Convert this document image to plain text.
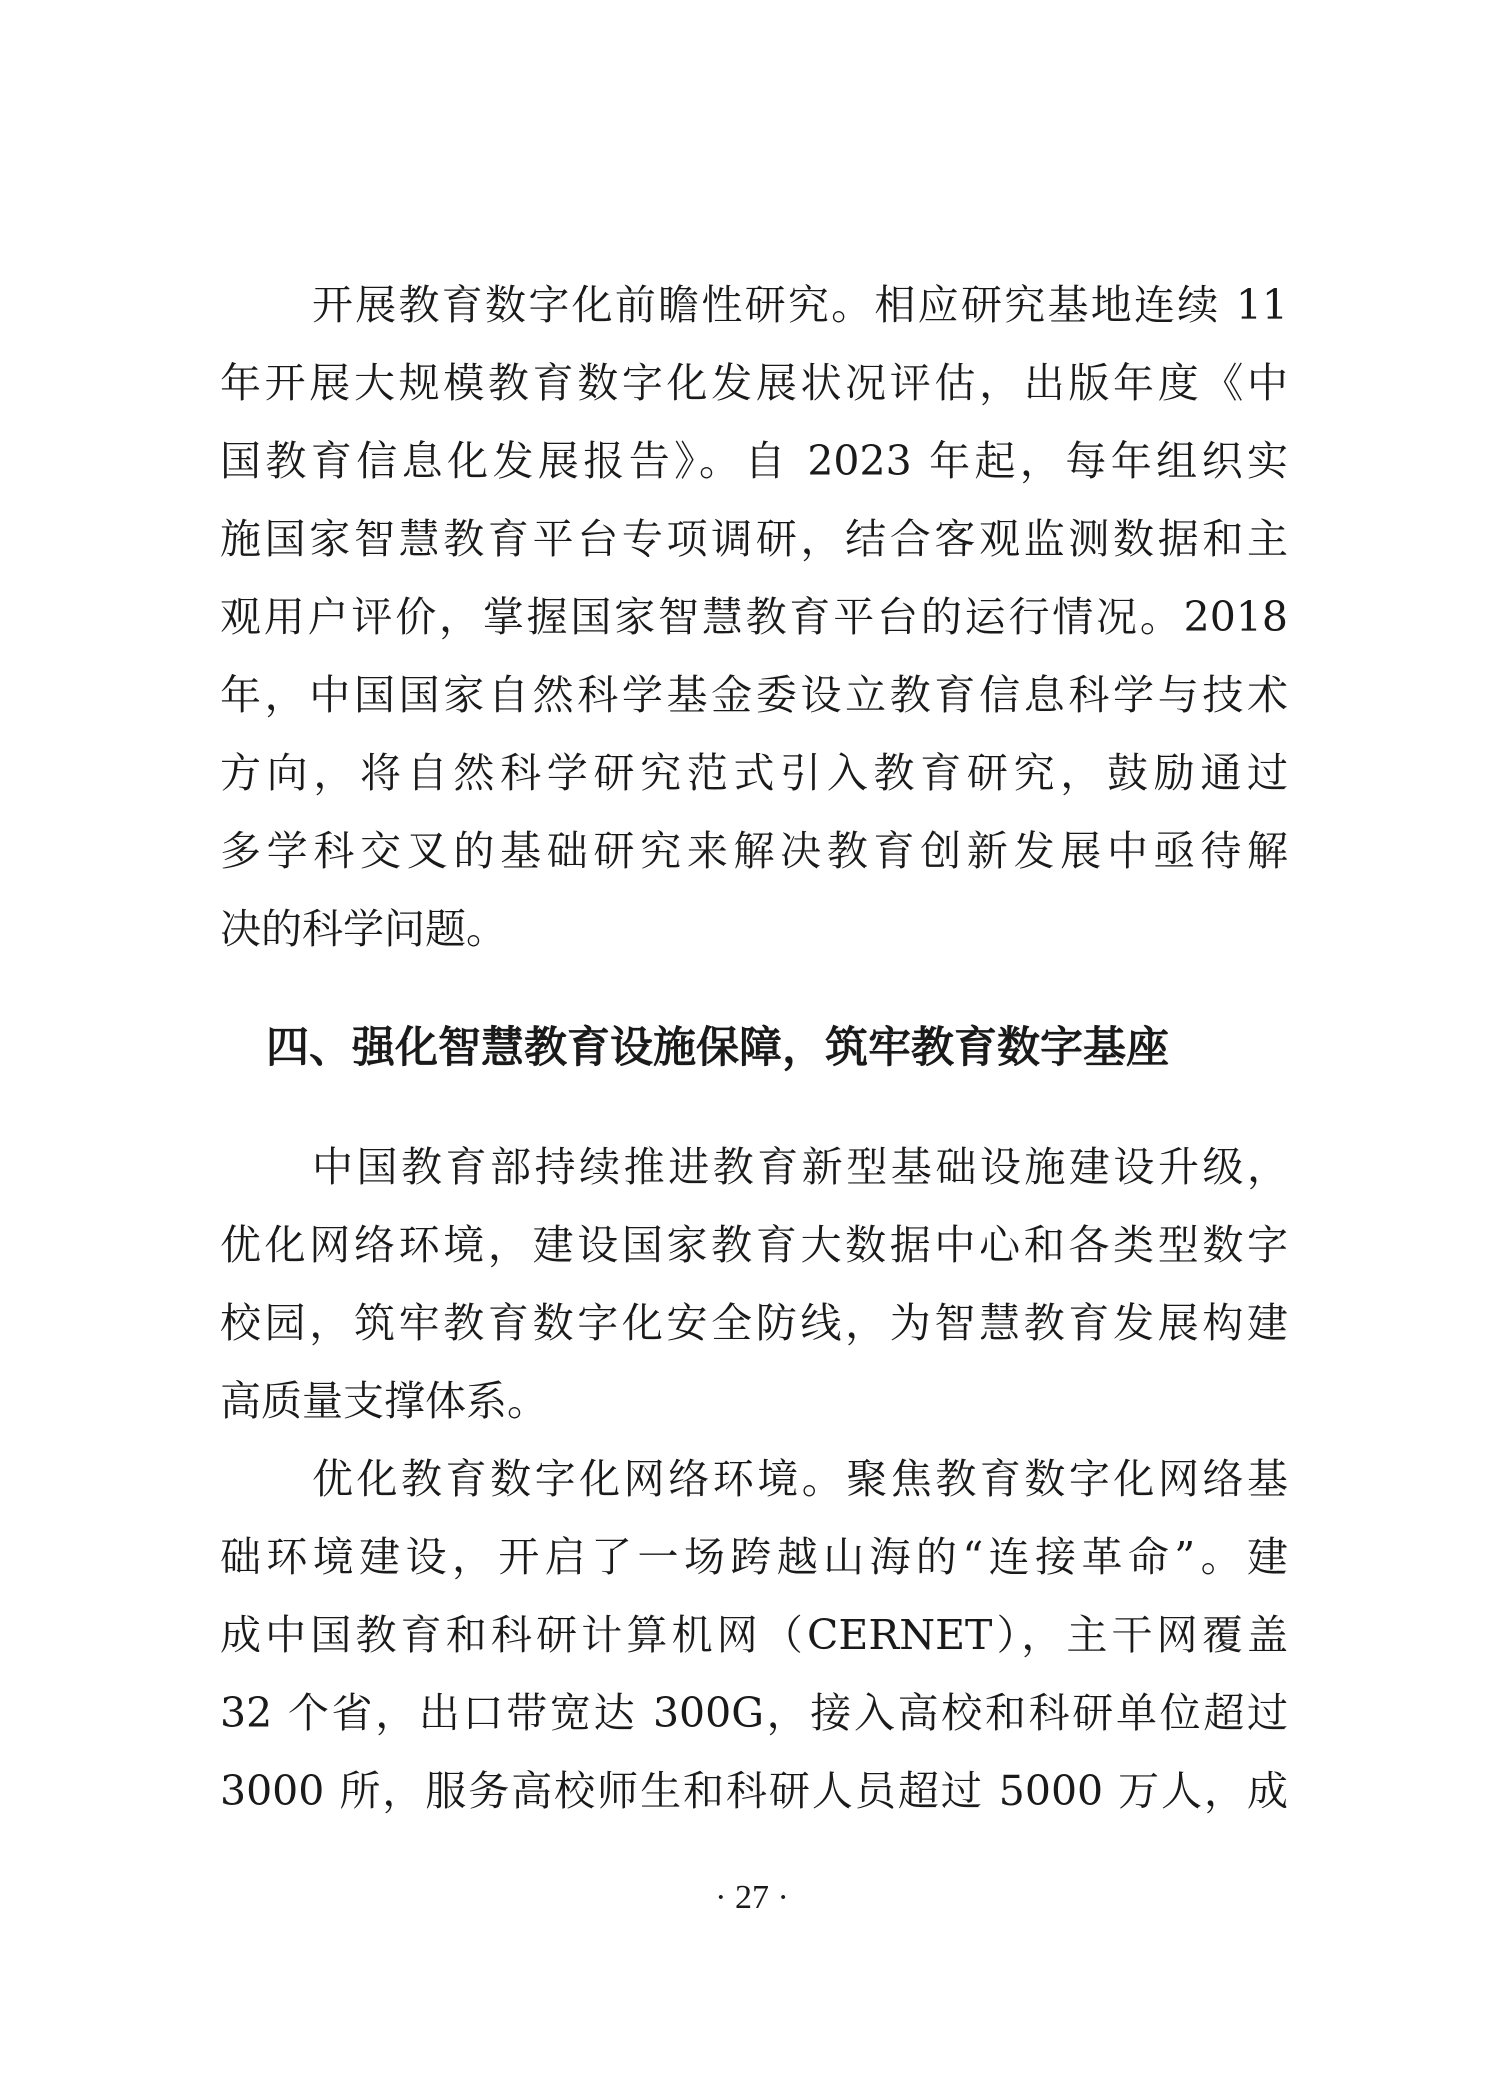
开展教育数字化前瞻性研究。相应研究基地连续 11
年开展大规模教育数字化发展状况评估，出版年度《中
国教育信息化发展报告》。自 2023 年起，每年组织实
施国家智慧教育平台专项调研，结合客观监测数据和主
观用户评价，掌握国家智慧教育平台的运行情况。2018
年，中国国家自然科学基金委设立教育信息科学与技术
方向，将自然科学研究范式引入教育研究，鼓励通过
多学科交叉的基础研究来解决教育创新发展中亟待解
决的科学问题。
四、强化智慧教育设施保障，筑牢教育数字基座
中国教育部持续推进教育新型基础设施建设升级，
优化网络环境，建设国家教育大数据中心和各类型数字
校园，筑牢教育数字化安全防线，为智慧教育发展构建
高质量支撑体系。
优化教育数字化网络环境。聚焦教育数字化网络基
础环境建设，开启了一场跨越山海的“连接革命”。建
成中国教育和科研计算机网（CERNET），主干网覆盖
32 个省，出口带宽达 300G，接入高校和科研单位超过
3000 所，服务高校师生和科研人员超过 5000 万人，成
· 27 ·
